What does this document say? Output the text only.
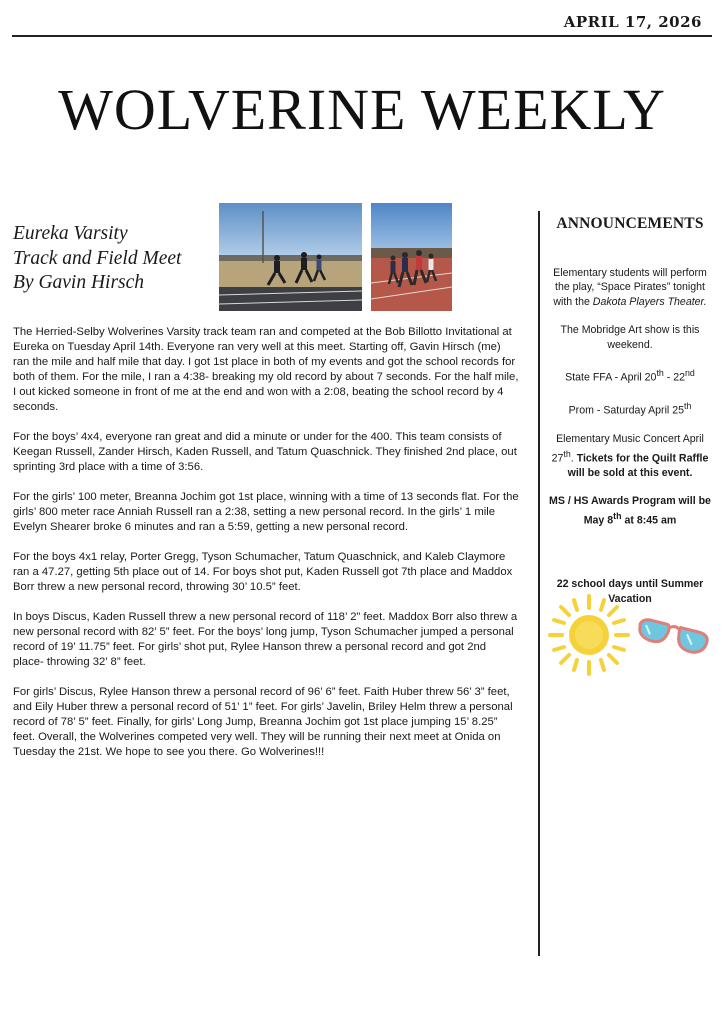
APRIL 17, 2026
WOLVERINE WEEKLY
Eureka Varsity
Track and Field Meet
By Gavin Hirsch

The Herried-Selby Wolverines Varsity track team ran and competed at the Bob Billotto Invitational at Eureka on Tuesday April 14th. Everyone ran very well at this meet. Starting off, Gavin Hirsch (me) ran the mile and half mile that day. I got 1st place in both of my events and got the school records for both of them. For the mile, I ran a 4:38- breaking my old record by about 7 seconds. For the half mile, I out kicked someone in front of me at the end and won with a 2:08, beating the school record by 4 seconds.

For the boys’ 4x4, everyone ran great and did a minute or under for the 400. This team consists of Keegan Russell, Zander Hirsch, Kaden Russell, and Tatum Quaschnick. They finished 2nd place, out sprinting 3rd place with a time of 3:56.

For the girls’ 100 meter, Breanna Jochim got 1st place, winning with a time of 13 seconds flat. For the girls’ 800 meter race Anniah Russell ran a 2:38, setting a new personal record. In the girls’ 1 mile Evelyn Shearer broke 6 minutes and ran a 5:59, getting a new personal record.

For the boys 4x1 relay, Porter Gregg, Tyson Schumacher, Tatum Quaschnick, and Kaleb Claymore ran a 47.27, getting 5th place out of 14. For boys shot put, Kaden Russell got 7th place and Maddox Borr threw a new personal record, throwing 30’ 10.5” feet.

In boys Discus, Kaden Russell threw a new personal record of 118’ 2” feet. Maddox Borr also threw a new personal record with 82’ 5” feet. For the boys’ long jump, Tyson Schumacher jumped a personal record of 19’ 11.75” feet. For girls’ shot put, Rylee Hanson threw a personal record and got 2nd place- throwing 32’ 8” feet.

For girls’ Discus, Rylee Hanson threw a personal record of 96’ 6” feet. Faith Huber threw 56’ 3” feet, and Eily Huber threw a personal record of 51’ 1” feet. For girls’ Javelin, Briley Helm threw a personal record of 78’ 5” feet. Finally, for girls’ Long Jump, Breanna Jochim got 1st place jumping 15’ 8.25” feet. Overall, the Wolverines competed very well. They will be running their next meet at Onida on Tuesday the 21st. We hope to see you there. Go Wolverines!!!

ANNOUNCEMENTS

Elementary students will perform the play, “Space Pirates” tonight with the Dakota Players Theater.

The Mobridge Art show is this weekend.

State FFA - April 20th - 22nd

Prom - Saturday April 25th

Elementary Music Concert April 27th. Tickets for the Quilt Raffle will be sold at this event.

MS / HS Awards Program will be May 8th at 8:45 am

22 school days until Summer Vacation
